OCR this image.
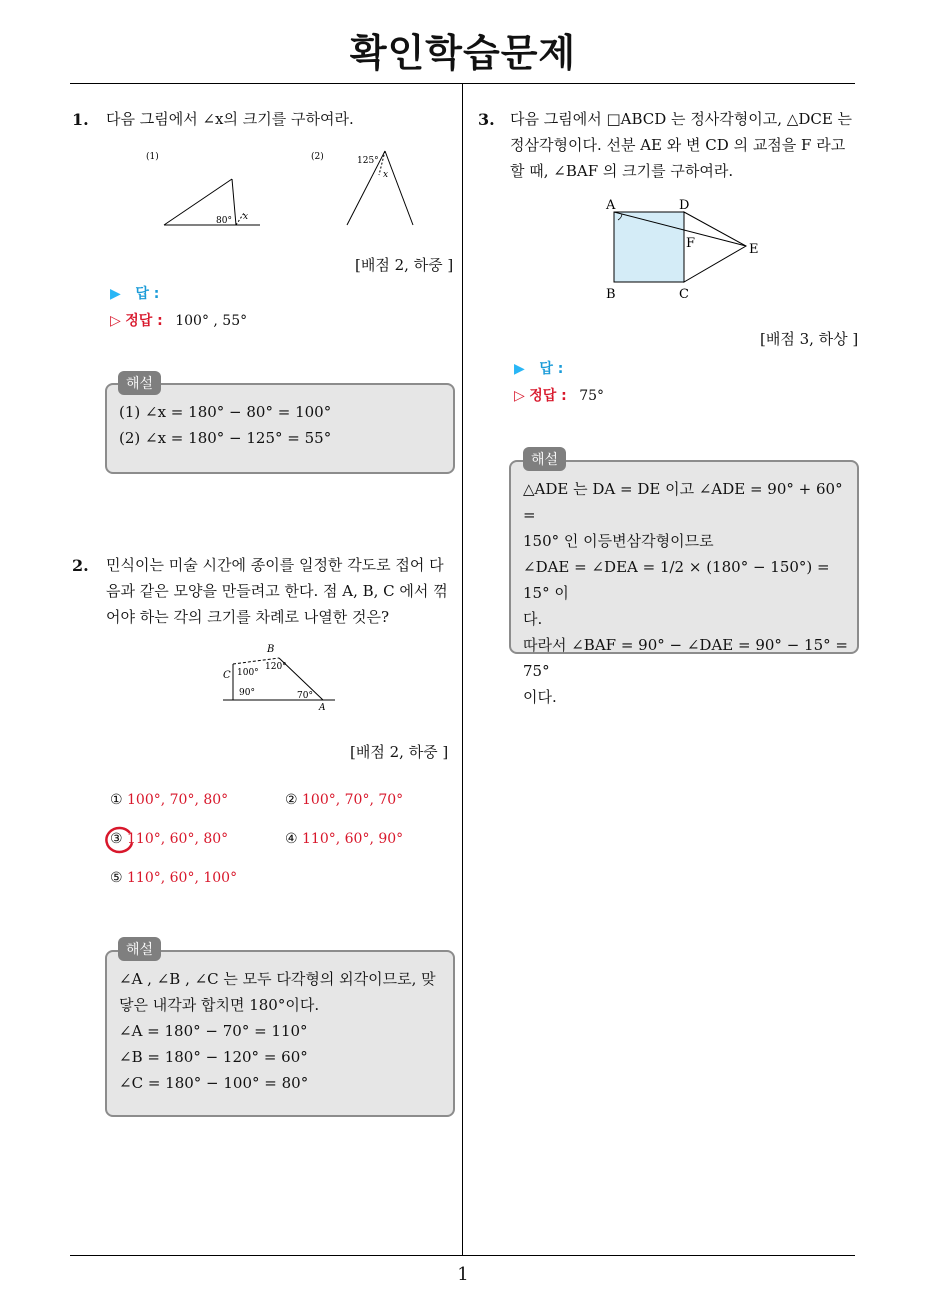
확인학습문제
1
1. 다음 그림에서 ∠x의 크기를 구하여라.
(1)
80° x
(2)	125°
x
[배점 2, 하중 ]
▶ 답 :
▷ 정답 : 100° , 55°
(1) ∠x = 180° − 80° = 100°
(2) ∠x = 180° − 125° = 55°
해설
2. 민식이는 미술 시간에 종이를 일정한 각도로 접어 다
음과 같은 모양을 만들려고 한다. 점 A, B, C 에서 꺾
어야 하는 각의 크기를 차례로 나열한 것은?
B
C
A
100°
120°
90°	70°
[배점 2, 하중 ]
① 100°, 70°, 80°	② 100°, 70°, 70°
③ 110°, 60°, 80°	④ 110°, 60°, 90°
⑤ 110°, 60°, 100°
∠A , ∠B , ∠C 는 모두 다각형의 외각이므로, 맞
닿은 내각과 합치면 180°이다.
∠A = 180° − 70° = 110°
∠B = 180° − 120° = 60°
∠C = 180° − 100° = 80°
해설
3. 다음 그림에서 □ABCD 는 정사각형이고, △DCE 는
정삼각형이다. 선분 AE 와 변 CD 의 교점을 F 라고
할 때, ∠BAF 의 크기를 구하여라.
A	D
B	C
E
F
[배점 3, 하상 ]
▶ 답 :
▷ 정답 : 75°
△ADE 는 DA = DE 이고 ∠ADE = 90° + 60° =
150° 인 이등변삼각형이므로
∠DAE = ∠DEA = 1/2 × (180° − 150°) = 15° 이
다.
따라서 ∠BAF = 90° − ∠DAE = 90° − 15° = 75°
이다.
해설
